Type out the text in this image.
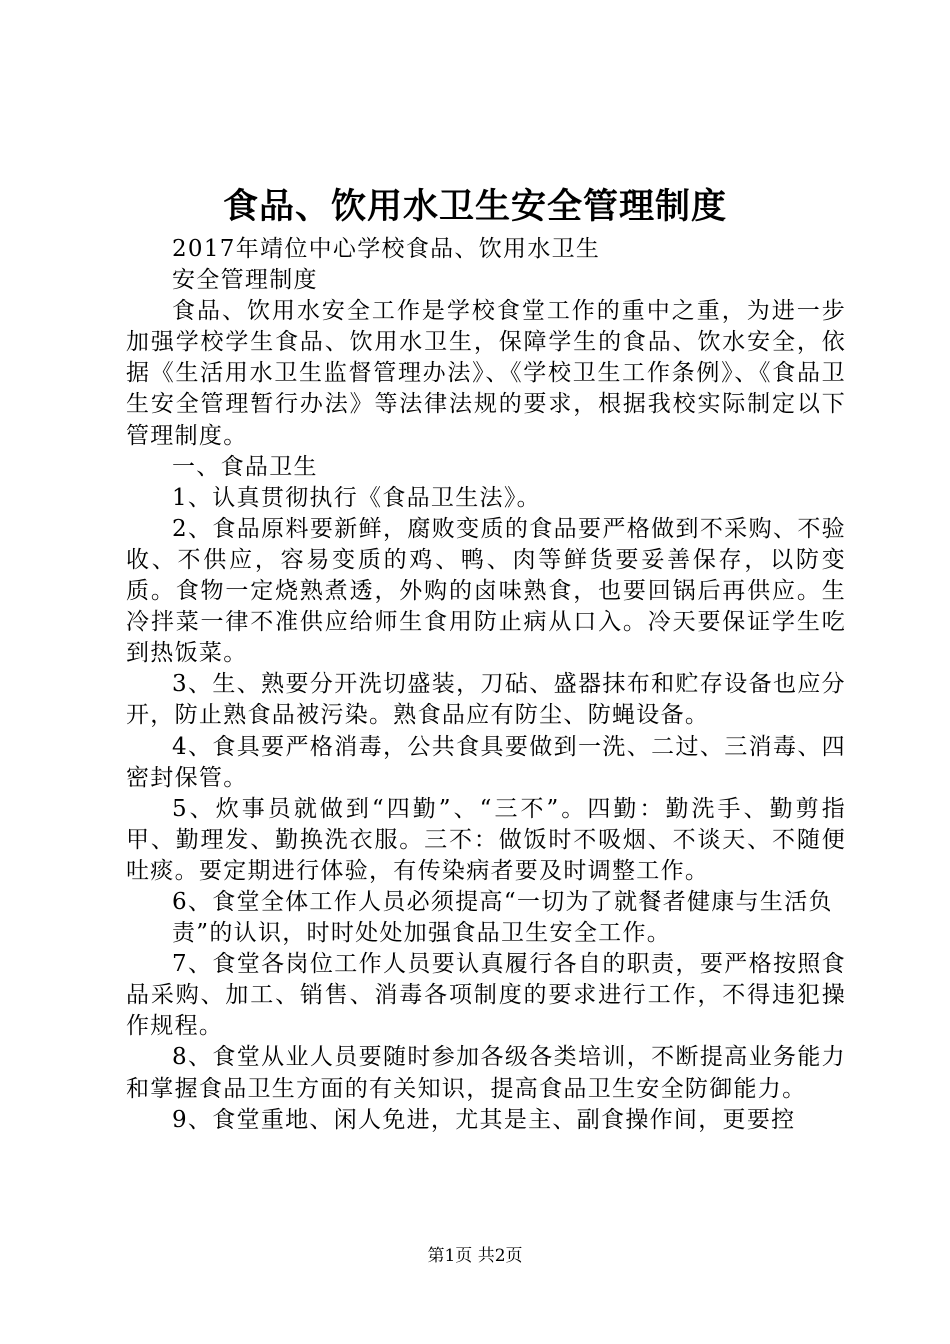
食品、饮用水卫生安全管理制度

2017年靖位中心学校食品、饮用水卫生

安全管理制度

食品、饮用水安全工作是学校食堂工作的重中之重，为进一步加强学校学生食品、饮用水卫生，保障学生的食品、饮水安全，依据《生活用水卫生监督管理办法》、《学校卫生工作条例》、《食品卫生安全管理暂行办法》等法律法规的要求，根据我校实际制定以下管理制度。

一、食品卫生

1、认真贯彻执行《食品卫生法》。

2、食品原料要新鲜，腐败变质的食品要严格做到不采购、不验收、不供应，容易变质的鸡、鸭、肉等鲜货要妥善保存，以防变质。食物一定烧熟煮透，外购的卤味熟食，也要回锅后再供应。生冷拌菜一律不准供应给师生食用防止病从口入。冷天要保证学生吃到热饭菜。

3、生、熟要分开洗切盛装，刀砧、盛器抹布和贮存设备也应分开，防止熟食品被污染。熟食品应有防尘、防蝇设备。

4、食具要严格消毒，公共食具要做到一洗、二过、三消毒、四密封保管。

5、炊事员就做到“四勤”、“三不”。四勤：勤洗手、勤剪指甲、勤理发、勤换洗衣服。三不：做饭时不吸烟、不谈天、不随便吐痰。要定期进行体验，有传染病者要及时调整工作。

6、食堂全体工作人员必须提高“一切为了就餐者健康与生活负

责”的认识，时时处处加强食品卫生安全工作。

7、食堂各岗位工作人员要认真履行各自的职责，要严格按照食品采购、加工、销售、消毒各项制度的要求进行工作，不得违犯操作规程。

8、食堂从业人员要随时参加各级各类培训，不断提高业务能力和掌握食品卫生方面的有关知识，提高食品卫生安全防御能力。

9、食堂重地、闲人免进，尤其是主、副食操作间，更要控

第1页 共2页
